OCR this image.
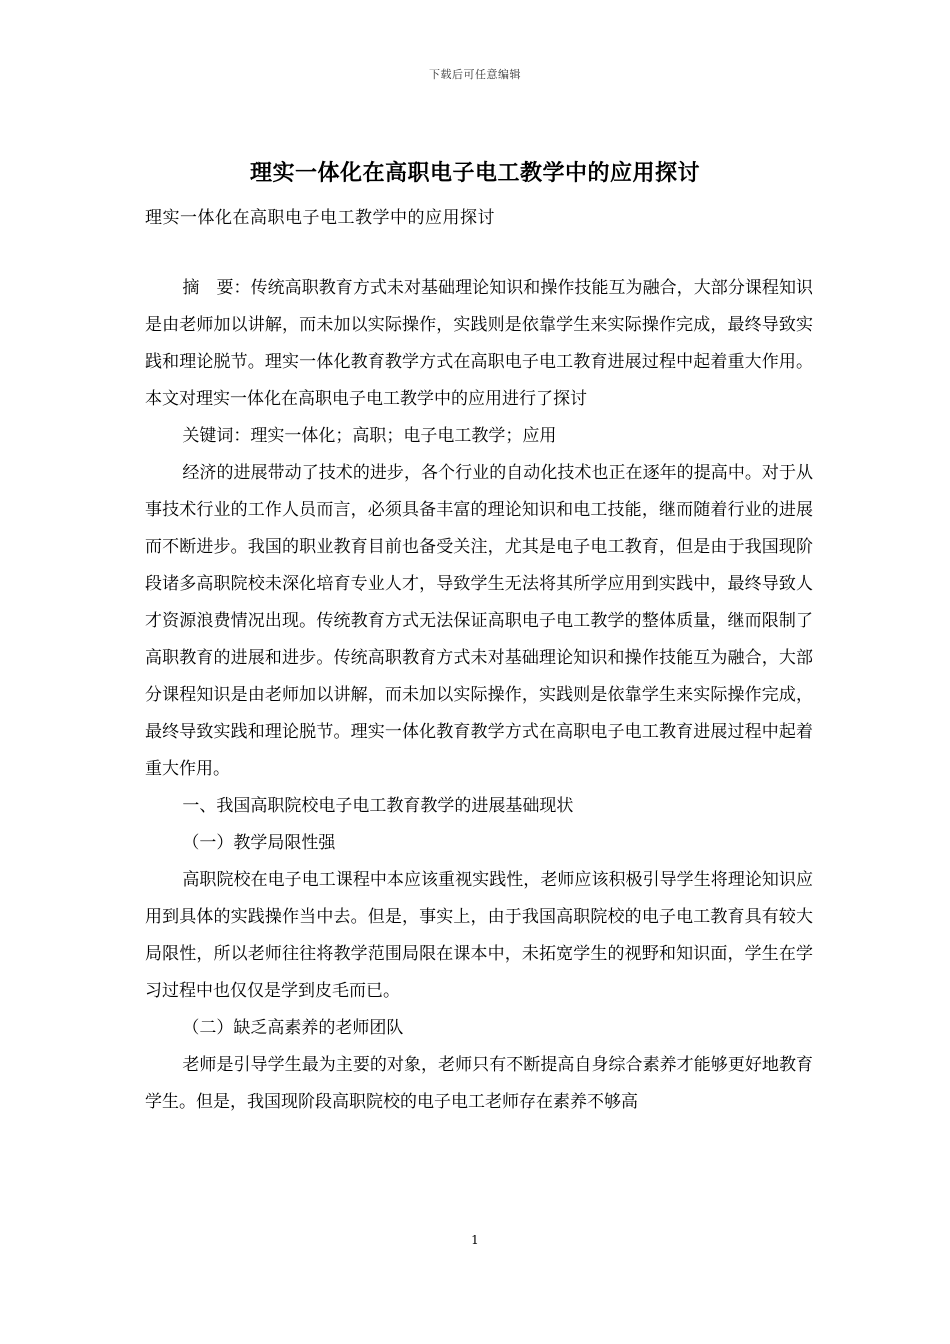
下载后可任意编辑
理实一体化在高职电子电工教学中的应用探讨
理实一体化在高职电子电工教学中的应用探讨

摘　要：传统高职教育方式未对基础理论知识和操作技能互为融合，大部分课程知识是由老师加以讲解，而未加以实际操作，实践则是依靠学生来实际操作完成，最终导致实践和理论脱节。理实一体化教育教学方式在高职电子电工教育进展过程中起着重大作用。本文对理实一体化在高职电子电工教学中的应用进行了探讨

关键词：理实一体化；高职；电子电工教学；应用

经济的进展带动了技术的进步，各个行业的自动化技术也正在逐年的提高中。对于从事技术行业的工作人员而言，必须具备丰富的理论知识和电工技能，继而随着行业的进展而不断进步。我国的职业教育目前也备受关注，尤其是电子电工教育，但是由于我国现阶段诸多高职院校未深化培育专业人才，导致学生无法将其所学应用到实践中，最终导致人才资源浪费情况出现。传统教育方式无法保证高职电子电工教学的整体质量，继而限制了高职教育的进展和进步。传统高职教育方式未对基础理论知识和操作技能互为融合，大部分课程知识是由老师加以讲解，而未加以实际操作，实践则是依靠学生来实际操作完成，最终导致实践和理论脱节。理实一体化教育教学方式在高职电子电工教育进展过程中起着重大作用。

一、我国高职院校电子电工教育教学的进展基础现状

（一）教学局限性强

高职院校在电子电工课程中本应该重视实践性，老师应该积极引导学生将理论知识应用到具体的实践操作当中去。但是，事实上，由于我国高职院校的电子电工教育具有较大局限性，所以老师往往将教学范围局限在课本中，未拓宽学生的视野和知识面，学生在学习过程中也仅仅是学到皮毛而已。

（二）缺乏高素养的老师团队

老师是引导学生最为主要的对象，老师只有不断提高自身综合素养才能够更好地教育学生。但是，我国现阶段高职院校的电子电工老师存在素养不够高

1
